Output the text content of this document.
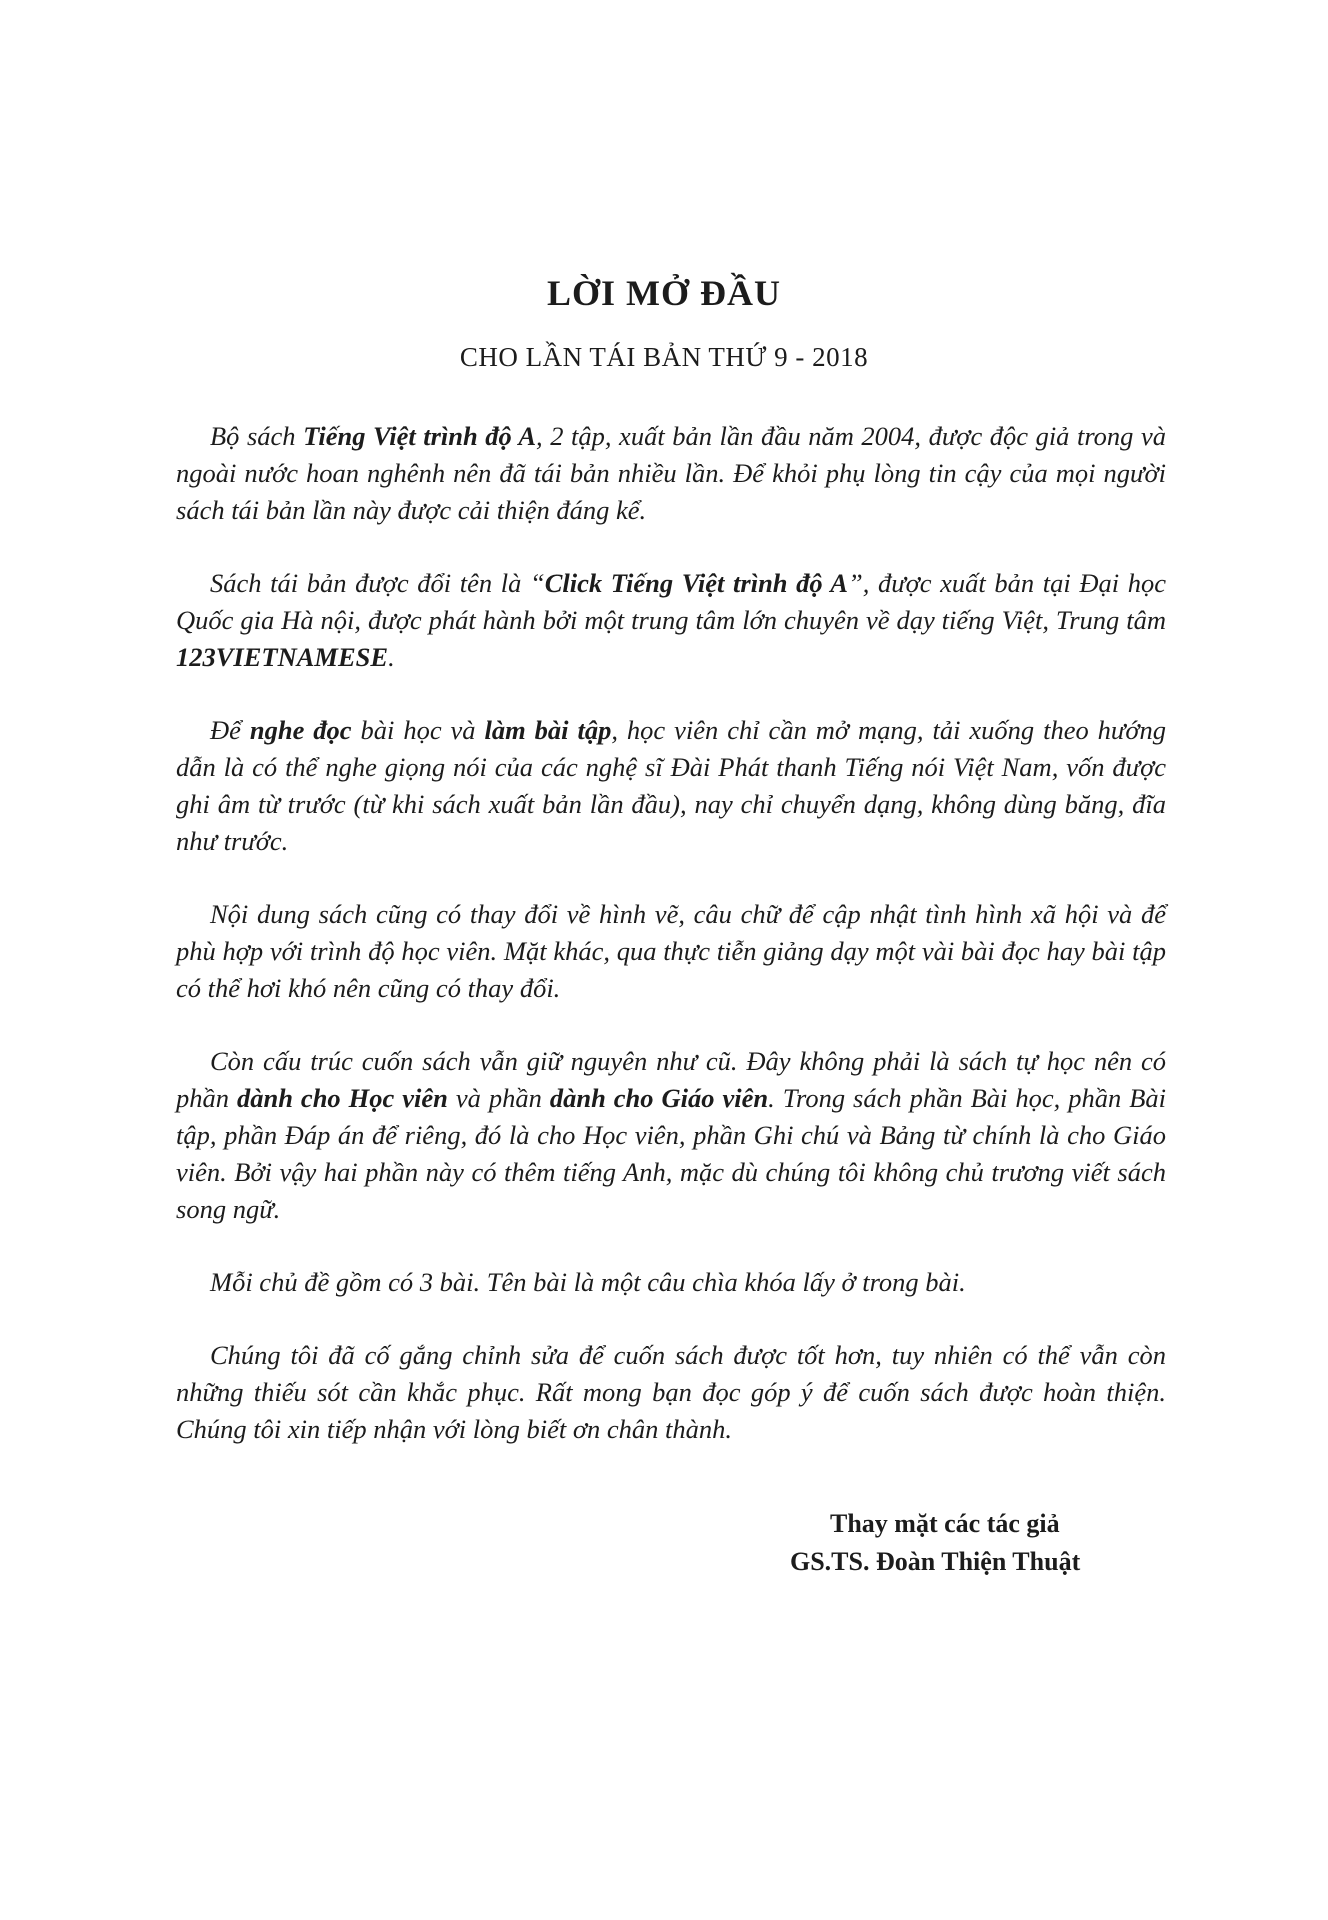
LỜI MỞ ĐẦU
CHO LẦN TÁI BẢN THỨ 9 - 2018

Bộ sách Tiếng Việt trình độ A, 2 tập, xuất bản lần đầu năm 2004, được độc giả trong và ngoài nước hoan nghênh nên đã tái bản nhiều lần. Để khỏi phụ lòng tin cậy của mọi người sách tái bản lần này được cải thiện đáng kể.

Sách tái bản được đổi tên là “Click Tiếng Việt trình độ A”, được xuất bản tại Đại học Quốc gia Hà nội, được phát hành bởi một trung tâm lớn chuyên về dạy tiếng Việt, Trung tâm 123VIETNAMESE.

Để nghe đọc bài học và làm bài tập, học viên chỉ cần mở mạng, tải xuống theo hướng dẫn là có thể nghe giọng nói của các nghệ sĩ Đài Phát thanh Tiếng nói Việt Nam, vốn được ghi âm từ trước (từ khi sách xuất bản lần đầu), nay chỉ chuyển dạng, không dùng băng, đĩa như trước.

Nội dung sách cũng có thay đổi về hình vẽ, câu chữ để cập nhật tình hình xã hội và để phù hợp với trình độ học viên. Mặt khác, qua thực tiễn giảng dạy một vài bài đọc hay bài tập có thể hơi khó nên cũng có thay đổi.

Còn cấu trúc cuốn sách vẫn giữ nguyên như cũ. Đây không phải là sách tự học nên có phần dành cho Học viên và phần dành cho Giáo viên. Trong sách phần Bài học, phần Bài tập, phần Đáp án để riêng, đó là cho Học viên, phần Ghi chú và Bảng từ chính là cho Giáo viên. Bởi vậy hai phần này có thêm tiếng Anh, mặc dù chúng tôi không chủ trương viết sách song ngữ.

Mỗi chủ đề gồm có 3 bài. Tên bài là một câu chìa khóa lấy ở trong bài.

Chúng tôi đã cố gắng chỉnh sửa để cuốn sách được tốt hơn, tuy nhiên có thể vẫn còn những thiếu sót cần khắc phục. Rất mong bạn đọc góp ý để cuốn sách được hoàn thiện. Chúng tôi xin tiếp nhận với lòng biết ơn chân thành.

Thay mặt các tác giả
GS.TS. Đoàn Thiện Thuật
